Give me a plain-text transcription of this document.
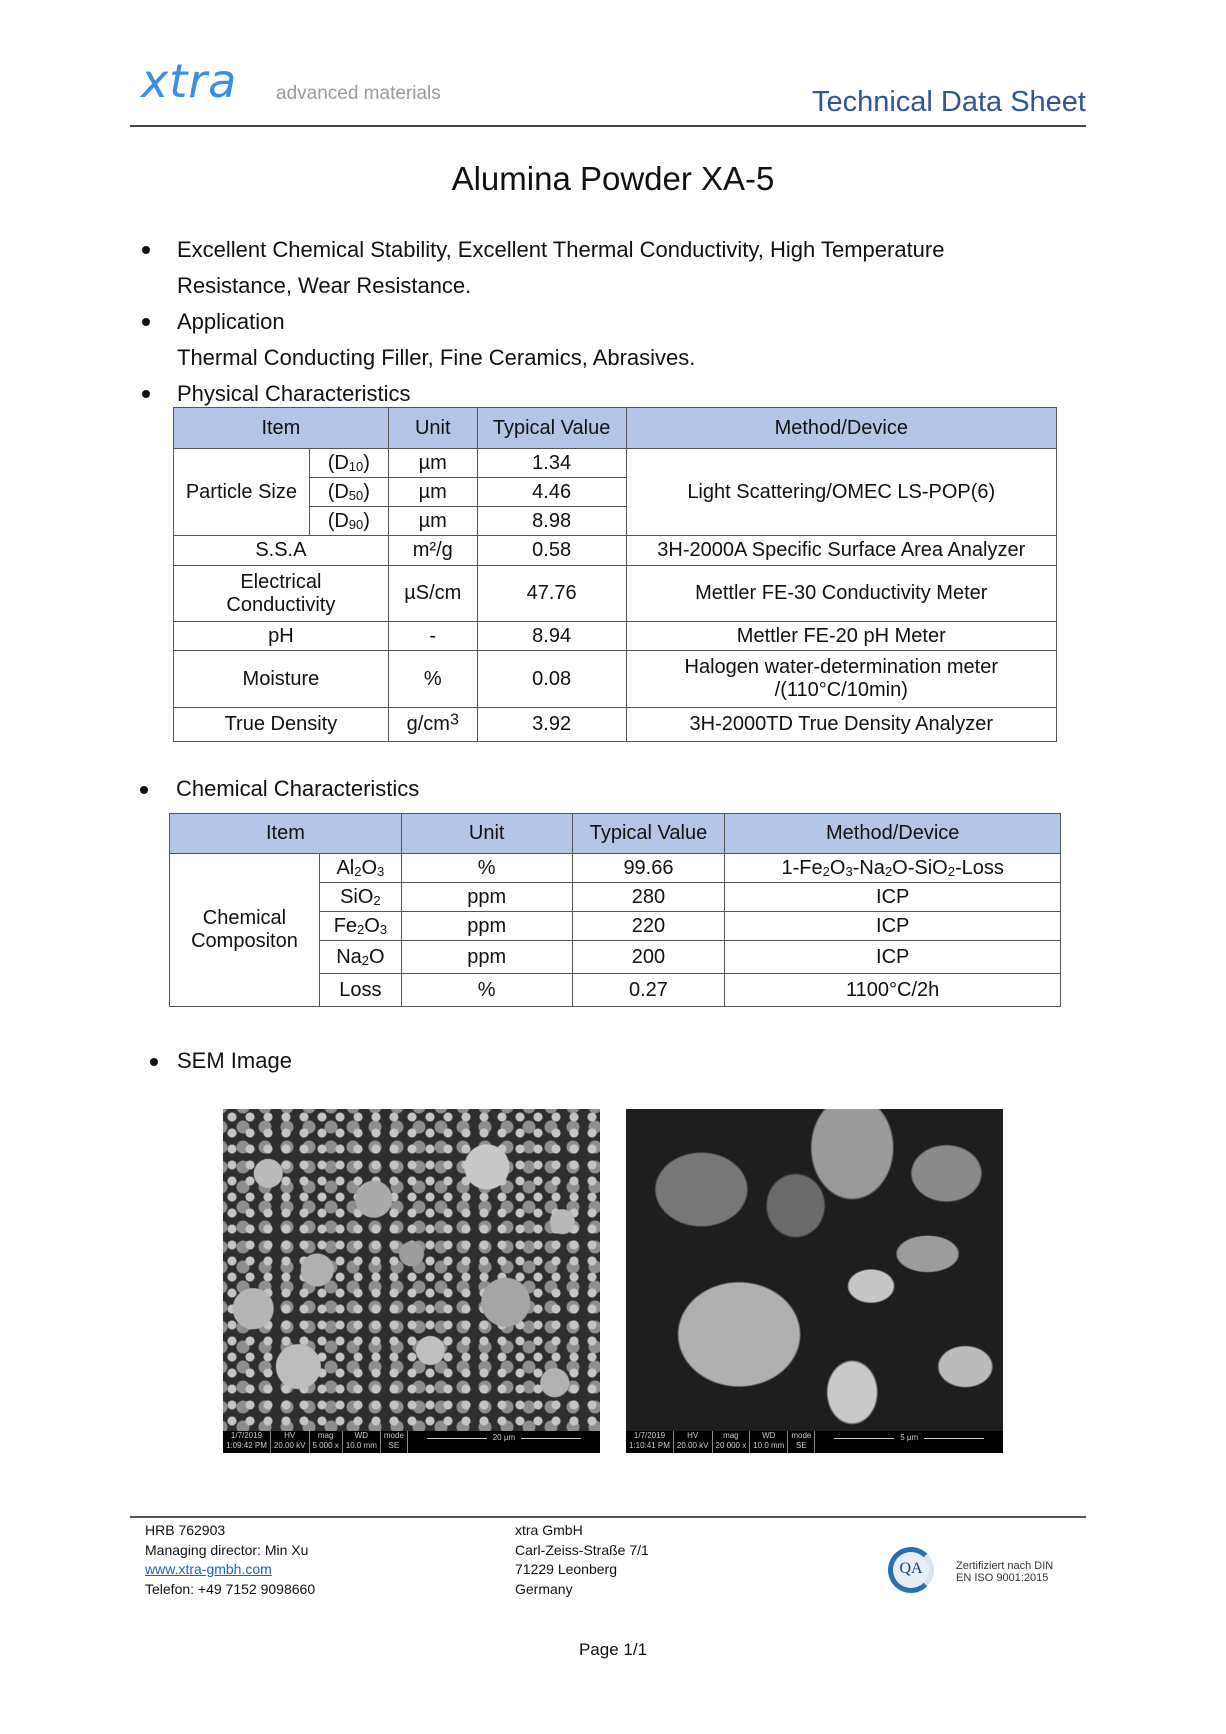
xtra advanced materials	Technical Data Sheet
Alumina Powder XA-5
Excellent Chemical Stability, Excellent Thermal Conductivity, High Temperature
Resistance, Wear Resistance.
Application
Thermal Conducting Filler, Fine Ceramics, Abrasives.
Physical Characteristics
Item		Unit	Typical Value	Method/Device
Particle Size	$(D_{10})$	µm	1.34	Light Scattering/OMEC LS-POP(6)
	$(D_{50})$	µm	4.46	
	$(D_{90})$	µm	8.98	
S.S.A		m²/g	0.58	3H-2000A Specific Surface Area Analyzer

Electrical
Conductivity		µS/cm	47.76	Mettler FE-30 Conductivity Meter
pH		-	8.94	Mettler FE-20 pH Meter
Moisture		%	0.08	Halogen water-determination meter
/(110°C/10min)

True Density		$g/cm^3$	3.92	3H-2000TD True Density Analyzer
Chemical Characteristics
Item		Unit	Typical Value	Method/Device

Chemical
Compositon	$Al_2O_3$	%	99.66	$1-Fe_2O_3-Na_2O-SiO_2$-Loss
	SiO$_2$	ppm	280	ICP
	$Fe_2O_3$	ppm	220	ICP
	$Na_2O$	ppm	200	ICP
	Loss	%	0.27	1100°C/2h
SEM Image
1/7/2019
1:09:42 PM
HV
20.00 kV
mag
5 000 x
WD
10.0 mm
mode
SE
20 µm	1/7/2019
1:10:41 PM
HV
20.00 kV
mag
20 000 x
WD
10.0 mm
mode
SE
5 µm
HRB 762903
Managing director: Min Xu
www.xtra-gmbh.com
Telefon: +49 7152 9098660
xtra GmbH
Carl-Zeiss-Straße 7/1
71229 Leonberg
Germany
QA	Zertifiziert nach DIN
EN ISO 9001:2015
Page 1/1
